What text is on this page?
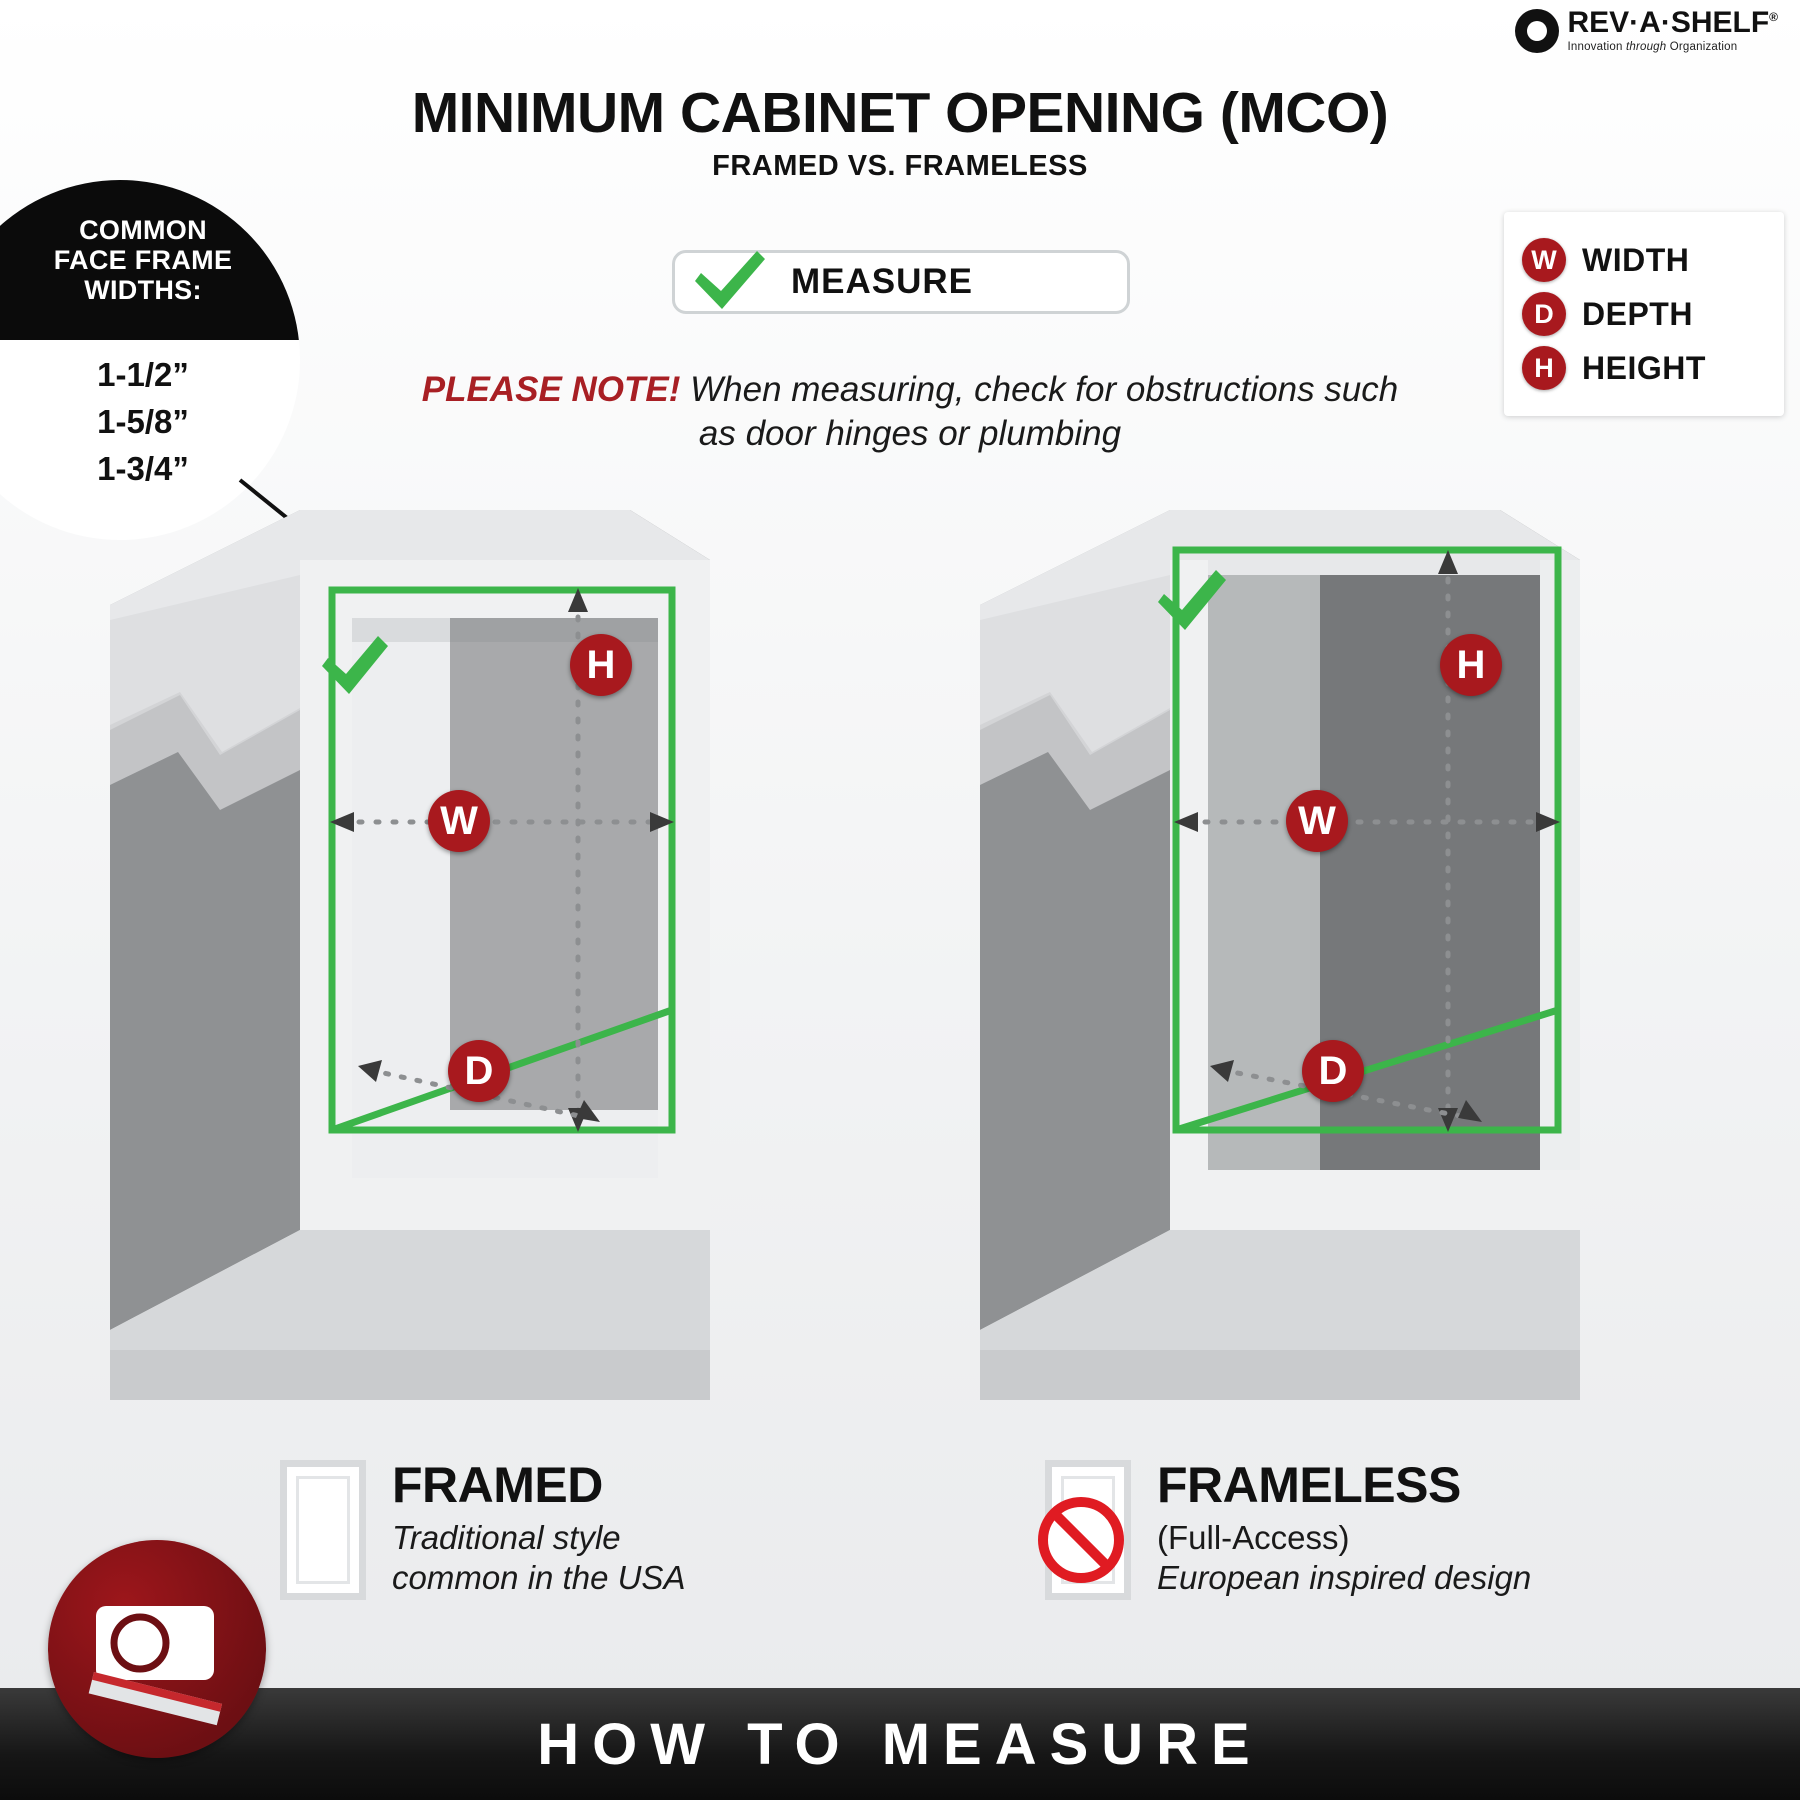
REV·A·SHELF®
Innovation through Organization
MINIMUM CABINET OPENING (MCO)
FRAMED VS. FRAMELESS
MEASURE
PLEASE NOTE! When measuring, check for obstructions such as door hinges or plumbing
COMMON
FACE FRAME
WIDTHS:
1-1/2”
1-5/8”
1-3/4”
W WIDTH
D DEPTH
H HEIGHT
H
W
D
H
W
D
FRAMED
Traditional style
common in the USA
FRAMELESS
(Full-Access)
European inspired design
HOW TO MEASURE
